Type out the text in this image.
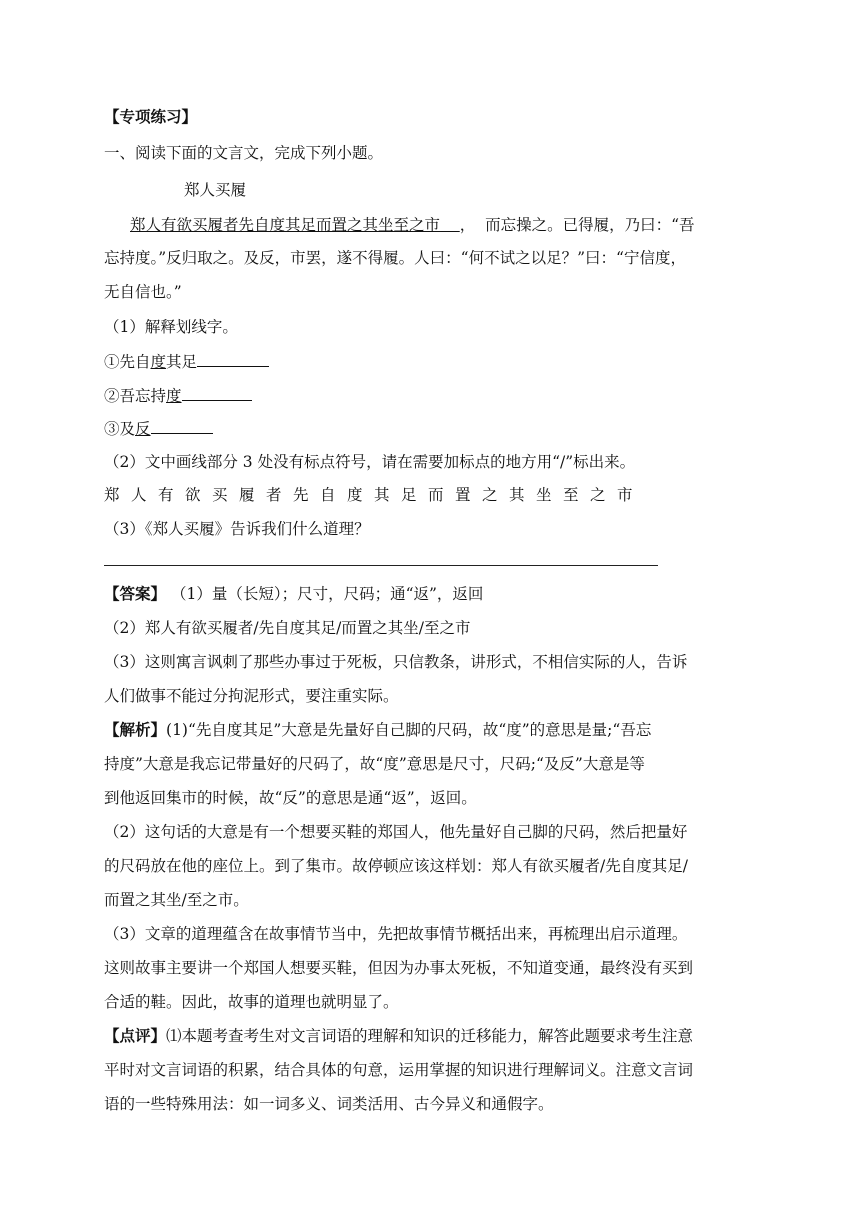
【专项练习】
一、阅读下面的文言文，完成下列小题。
郑人买履
郑人有欲买履者先自度其足而置之其坐至之市 ，  而忘操之。已得履，乃曰：“吾
忘持度。”反归取之。及反，市罢，遂不得履。人曰：“何不试之以足？”曰：“宁信度，
无自信也。”
（1）解释划线字。
①先自度其足
②吾忘持度
③及反
（2）文中画线部分 3 处没有标点符号，请在需要加标点的地方用“/”标出来。
郑人有欲买履者先自度其足而置之其坐至之市
（3）《郑人买履》告诉我们什么道理？
【答案】 （1）量（长短）；尺寸，尺码；通“返”，返回
（2）郑人有欲买履者/先自度其足/而置之其坐/至之市
（3）这则寓言讽刺了那些办事过于死板，只信教条，讲形式，不相信实际的人，告诉
人们做事不能过分拘泥形式，要注重实际。
【解析】(1)“先自度其足”大意是先量好自己脚的尺码，故“度”的意思是量;“吾忘
持度”大意是我忘记带量好的尺码了，故“度”意思是尺寸，尺码;“及反”大意是等
到他返回集市的时候，故“反”的意思是通“返”，返回。
（2）这句话的大意是有一个想要买鞋的郑国人，他先量好自己脚的尺码，然后把量好
的尺码放在他的座位上。到了集市。故停顿应该这样划：郑人有欲买履者/先自度其足/
而置之其坐/至之市。
（3）文章的道理蕴含在故事情节当中，先把故事情节概括出来，再梳理出启示道理。
这则故事主要讲一个郑国人想要买鞋，但因为办事太死板，不知道变通，最终没有买到
合适的鞋。因此，故事的道理也就明显了。
【点评】⑴本题考查考生对文言词语的理解和知识的迁移能力，解答此题要求考生注意
平时对文言词语的积累，结合具体的句意，运用掌握的知识进行理解词义。注意文言词
语的一些特殊用法：如一词多义、词类活用、古今异义和通假字。
